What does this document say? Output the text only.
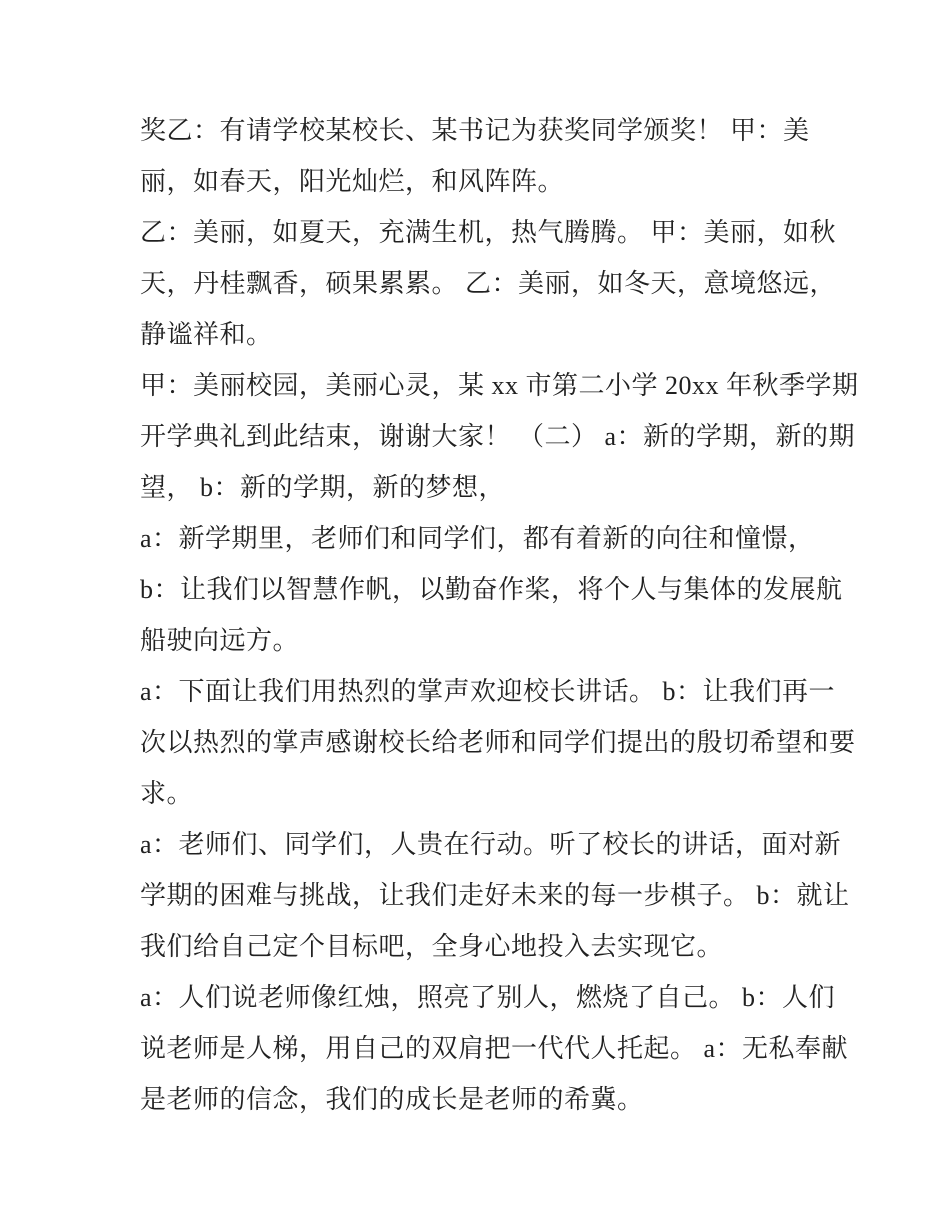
奖乙：有请学校某校长、某书记为获奖同学颁奖！ 甲：美
丽，如春天，阳光灿烂，和风阵阵。
乙：美丽，如夏天，充满生机，热气腾腾。 甲：美丽，如秋
天，丹桂飘香，硕果累累。 乙：美丽，如冬天，意境悠远，
静谧祥和。
甲：美丽校园，美丽心灵，某 xx 市第二小学 20xx 年秋季学期
开学典礼到此结束，谢谢大家！ （二） a：新的学期，新的期
望， b：新的学期，新的梦想，
a：新学期里，老师们和同学们，都有着新的向往和憧憬，
b：让我们以智慧作帆，以勤奋作桨，将个人与集体的发展航
船驶向远方。
a：下面让我们用热烈的掌声欢迎校长讲话。 b：让我们再一
次以热烈的掌声感谢校长给老师和同学们提出的殷切希望和要
求。
a：老师们、同学们，人贵在行动。听了校长的讲话，面对新
学期的困难与挑战，让我们走好未来的每一步棋子。 b：就让
我们给自己定个目标吧，全身心地投入去实现它。
a：人们说老师像红烛，照亮了别人，燃烧了自己。 b：人们
说老师是人梯，用自己的双肩把一代代人托起。 a：无私奉献
是老师的信念，我们的成长是老师的希冀。
